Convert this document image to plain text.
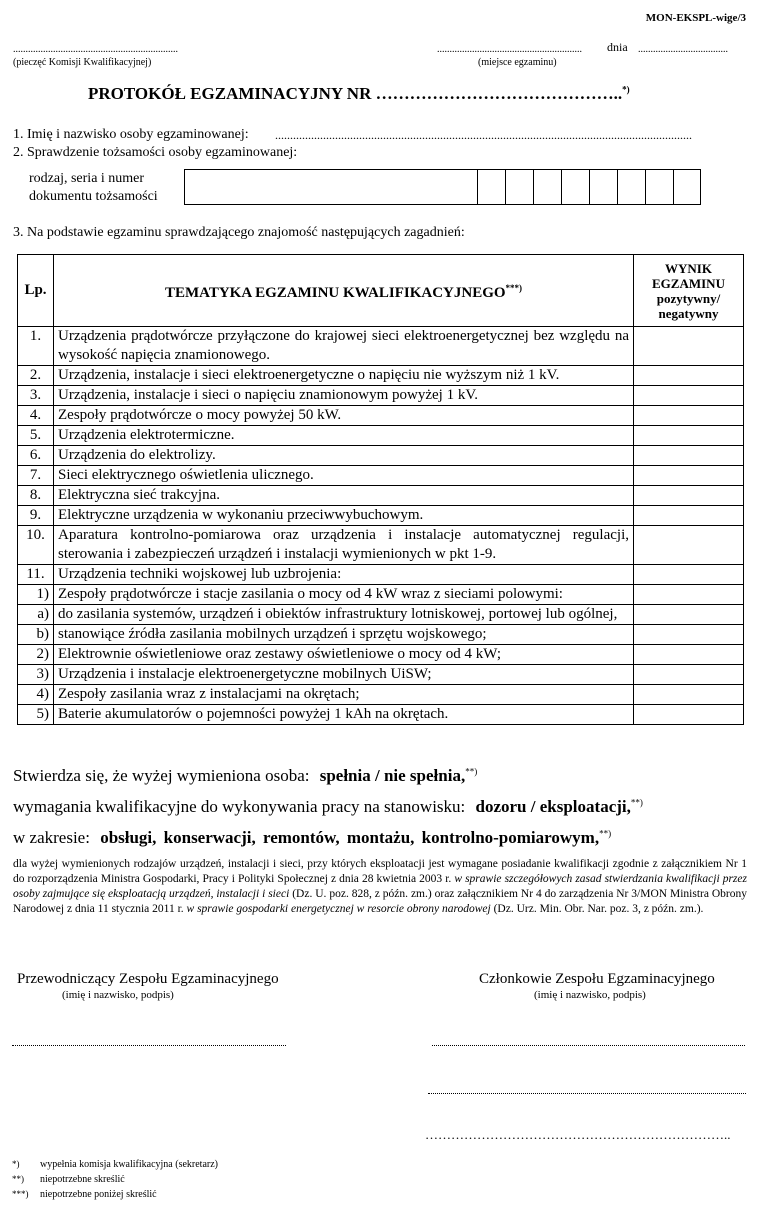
MON-EKSPL-wige/3
..................................................................
(pieczęć Komisji Kwalifikacyjnej)
..........................................................	dnia ....................................
(miejsce egzaminu)
PROTOKÓŁ EGZAMINACYJNY NR ……………………………………..*)
1. Imię i nazwisko osoby egzaminowanej: ...........................................................................................................................................
2. Sprawdzenie tożsamości osoby egzaminowanej:
rodzaj, seria i numer
dokumentu tożsamości

3. Na podstawie egzaminu sprawdzającego znajomość następujących zagadnień:
Lp.	TEMATYKA EGZAMINU KWALIFIKACYJNEGO***)	WYNIK
EGZAMINU
pozytywny/
negatywny

1.	Urządzenia prądotwórcze przyłączone do krajowej sieci elektroenergetycznej bez względu na wysokość napięcia znamionowego.	
2.	Urządzenia, instalacje i sieci elektroenergetyczne o napięciu nie wyższym niż 1 kV.	
3.	Urządzenia, instalacje i sieci o napięciu znamionowym powyżej 1 kV.	
4.	Zespoły prądotwórcze o mocy powyżej 50 kW.	
5.	Urządzenia elektrotermiczne.	
6.	Urządzenia do elektrolizy.	
7.	Sieci elektrycznego oświetlenia ulicznego.	
8.	Elektryczna sieć trakcyjna.	
9.	Elektryczne urządzenia w wykonaniu przeciwwybuchowym.	
10.	Aparatura kontrolno-pomiarowa oraz urządzenia i instalacje automatycznej regulacji, sterowania i zabezpieczeń urządzeń i instalacji wymienionych w pkt 1-9.	
11.	Urządzenia techniki wojskowej lub uzbrojenia:	
1)	Zespoły prądotwórcze i stacje zasilania o mocy od 4 kW wraz z sieciami polowymi:	
a)	do zasilania systemów, urządzeń i obiektów infrastruktury lotniskowej, portowej lub ogólnej,	
b)	stanowiące źródła zasilania mobilnych urządzeń i sprzętu wojskowego;	
2)	Elektrownie oświetleniowe oraz zestawy oświetleniowe o mocy od 4 kW;	
3)	Urządzenia i instalacje elektroenergetyczne mobilnych UiSW;	
4)	Zespoły zasilania wraz z instalacjami na okrętach;	
5)	Baterie akumulatorów o pojemności powyżej 1 kAh na okrętach.	
Stwierdza się, że wyżej wymieniona osoba: spełnia / nie spełnia,**)
wymagania kwalifikacyjne do wykonywania pracy na stanowisku: dozoru / eksploatacji,**)
w zakresie: obsługi, konserwacji, remontów, montażu, kontrolno-pomiarowym,**)
dla wyżej wymienionych rodzajów urządzeń, instalacji i sieci, przy których eksploatacji jest wymagane posiadanie kwalifikacji zgodnie z załącznikiem Nr 1 do rozporządzenia Ministra Gospodarki, Pracy i Polityki Społecznej z dnia 28 kwietnia 2003 r. w sprawie szczegółowych zasad stwierdzania kwalifikacji przez osoby zajmujące się eksploatacją urządzeń, instalacji i sieci (Dz. U. poz. 828, z późn. zm.) oraz załącznikiem Nr 4 do zarządzenia Nr 3/MON Ministra Obrony Narodowej z dnia 11 stycznia 2011 r. w sprawie gospodarki energetycznej w resorcie obrony narodowej (Dz. Urz. Min. Obr. Nar. poz. 3, z późn. zm.).
Przewodniczący Zespołu Egzaminacyjnego
(imię i nazwisko, podpis)
Członkowie Zespołu Egzaminacyjnego
(imię i nazwisko, podpis)
……………………………………………………………..
*) wypełnia komisja kwalifikacyjna (sekretarz)
**) niepotrzebne skreślić
***) niepotrzebne poniżej skreślić
